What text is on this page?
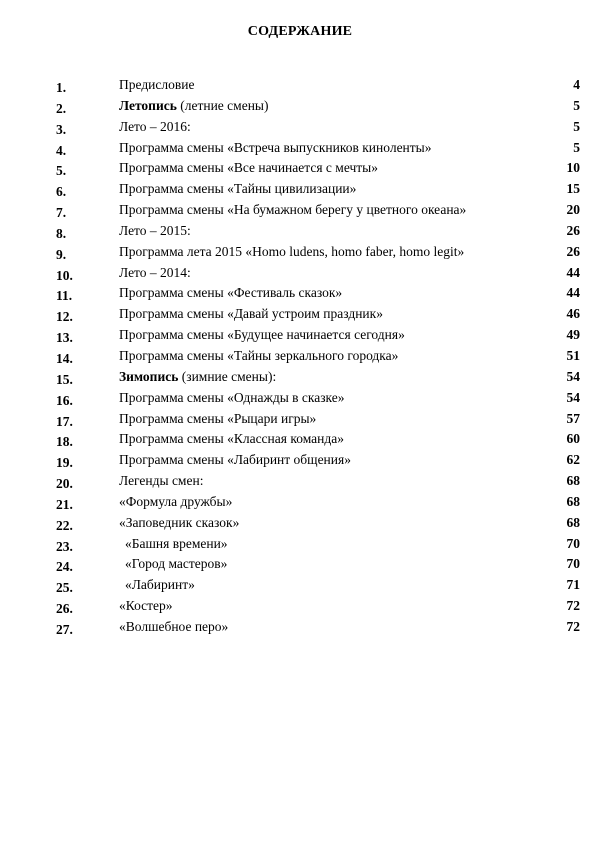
СОДЕРЖАНИЕ
1.	Предисловие	4
2.	Летопись (летние смены)	5
3.	Лето – 2016:	5
4.	Программа смены «Встреча выпускников киноленты»	5
5.	Программа смены «Все начинается с мечты»	10
6.	Программа смены «Тайны цивилизации»	15
7.	Программа смены «На бумажном берегу у цветного океана»	20
8.	Лето – 2015:	26
9.	Программа лета 2015 «Homo ludens, homo faber, homo legit»	26
10.	Лето – 2014:	44
11.	Программа смены «Фестиваль сказок»	44
12.	Программа смены «Давай устроим праздник»	46
13.	Программа смены «Будущее начинается сегодня»	49
14.	Программа смены «Тайны зеркального городка»	51
15.	Зимопись (зимние смены):	54
16.	Программа смены «Однажды в сказке»	54
17.	Программа смены «Рыцари игры»	57
18.	Программа смены «Классная команда»	60
19.	Программа смены «Лабиринт общения»	62
20.	Легенды смен:	68
21.	«Формула дружбы»	68
22.	«Заповедник сказок»	68
23.	«Башня времени»	70
24.	«Город мастеров»	70
25.	«Лабиринт»	71
26.	«Костер»	72
27.	«Волшебное перо»	72
